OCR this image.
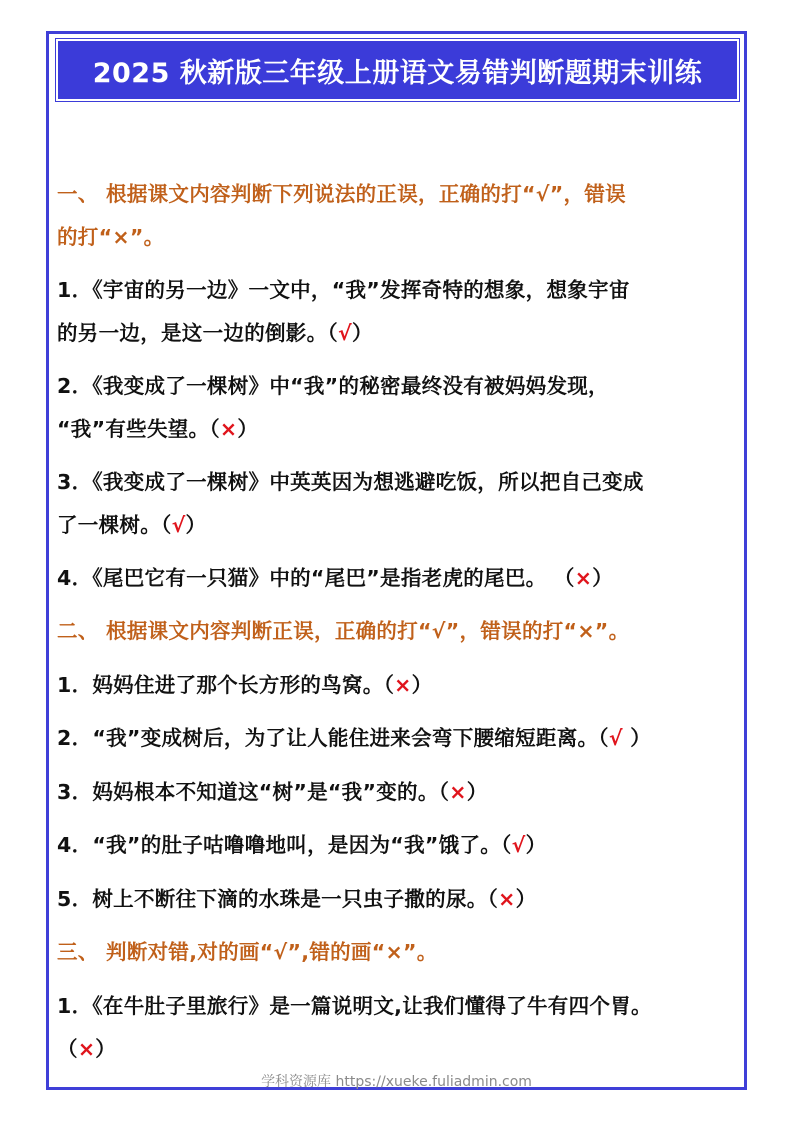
2025 秋新版三年级上册语文易错判断题期末训练
一、 根据课文内容判断下列说法的正误，正确的打“√”，错误
的打“×”。
1．《宇宙的另一边》一文中，“我”发挥奇特的想象，想象宇宙
的另一边，是这一边的倒影。（√）
2．《我变成了一棵树》中“我”的秘密最终没有被妈妈发现，
“我”有些失望。（×）
3．《我变成了一棵树》中英英因为想逃避吃饭，所以把自己变成
了一棵树。（√）
4．《尾巴它有一只猫》中的“尾巴”是指老虎的尾巴。 （×）
二、 根据课文内容判断正误，正确的打“√”，错误的打“×”。
1．妈妈住进了那个长方形的鸟窝。（×）
2．“我”变成树后，为了让人能住进来会弯下腰缩短距离。（√ ）
3．妈妈根本不知道这“树”是“我”变的。（×）
4．“我”的肚子咕噜噜地叫，是因为“我”饿了。（√）
5．树上不断往下滴的水珠是一只虫子撒的尿。（×）
三、 判断对错,对的画“√”,错的画“×”。
1．《在牛肚子里旅行》是一篇说明文,让我们懂得了牛有四个胃。
（×）
学科资源库 https://xueke.fuliadmin.com
